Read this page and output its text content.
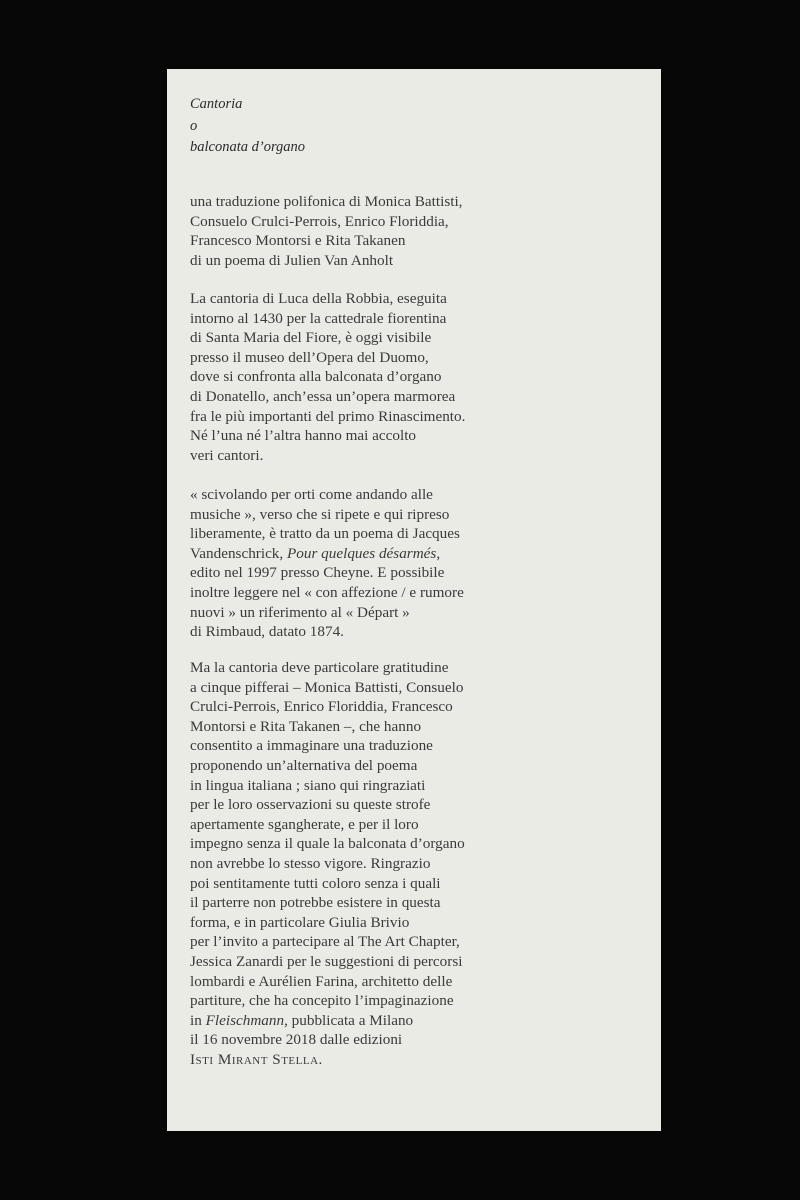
Cantoria
o
balconata d’organo
una traduzione polifonica di Monica Battisti,
Consuelo Crulci-Perrois, Enrico Floriddia,
Francesco Montorsi e Rita Takanen
di un poema di Julien Van Anholt
La cantoria di Luca della Robbia, eseguita
intorno al 1430 per la cattedrale fiorentina
di Santa Maria del Fiore, è oggi visibile
presso il museo dell’Opera del Duomo,
dove si confronta alla balconata d’organo
di Donatello, anch’essa un’opera marmorea
fra le più importanti del primo Rinascimento.
Né l’una né l’altra hanno mai accolto
veri cantori.
« scivolando per orti come andando alle
musiche », verso che si ripete e qui ripreso
liberamente, è tratto da un poema di Jacques
Vandenschrick, Pour quelques désarmés,
edito nel 1997 presso Cheyne. E possibile
inoltre leggere nel « con affezione / e rumore
nuovi » un riferimento al « Départ »
di Rimbaud, datato 1874.
Ma la cantoria deve particolare gratitudine
a cinque pifferai – Monica Battisti, Consuelo
Crulci-Perrois, Enrico Floriddia, Francesco
Montorsi e Rita Takanen –, che hanno
consentito a immaginare una traduzione
proponendo un’alternativa del poema
in lingua italiana ; siano qui ringraziati
per le loro osservazioni su queste strofe
apertamente sgangherate, e per il loro
impegno senza il quale la balconata d’organo
non avrebbe lo stesso vigore. Ringrazio
poi sentitamente tutti coloro senza i quali
il parterre non potrebbe esistere in questa
forma, e in particolare Giulia Brivio
per l’invito a partecipare al The Art Chapter,
Jessica Zanardi per le suggestioni di percorsi
lombardi e Aurélien Farina, architetto delle
partiture, che ha concepito l’impaginazione
in Fleischmann, pubblicata a Milano
il 16 novembre 2018 dalle edizioni
Isti Mirant Stella.
